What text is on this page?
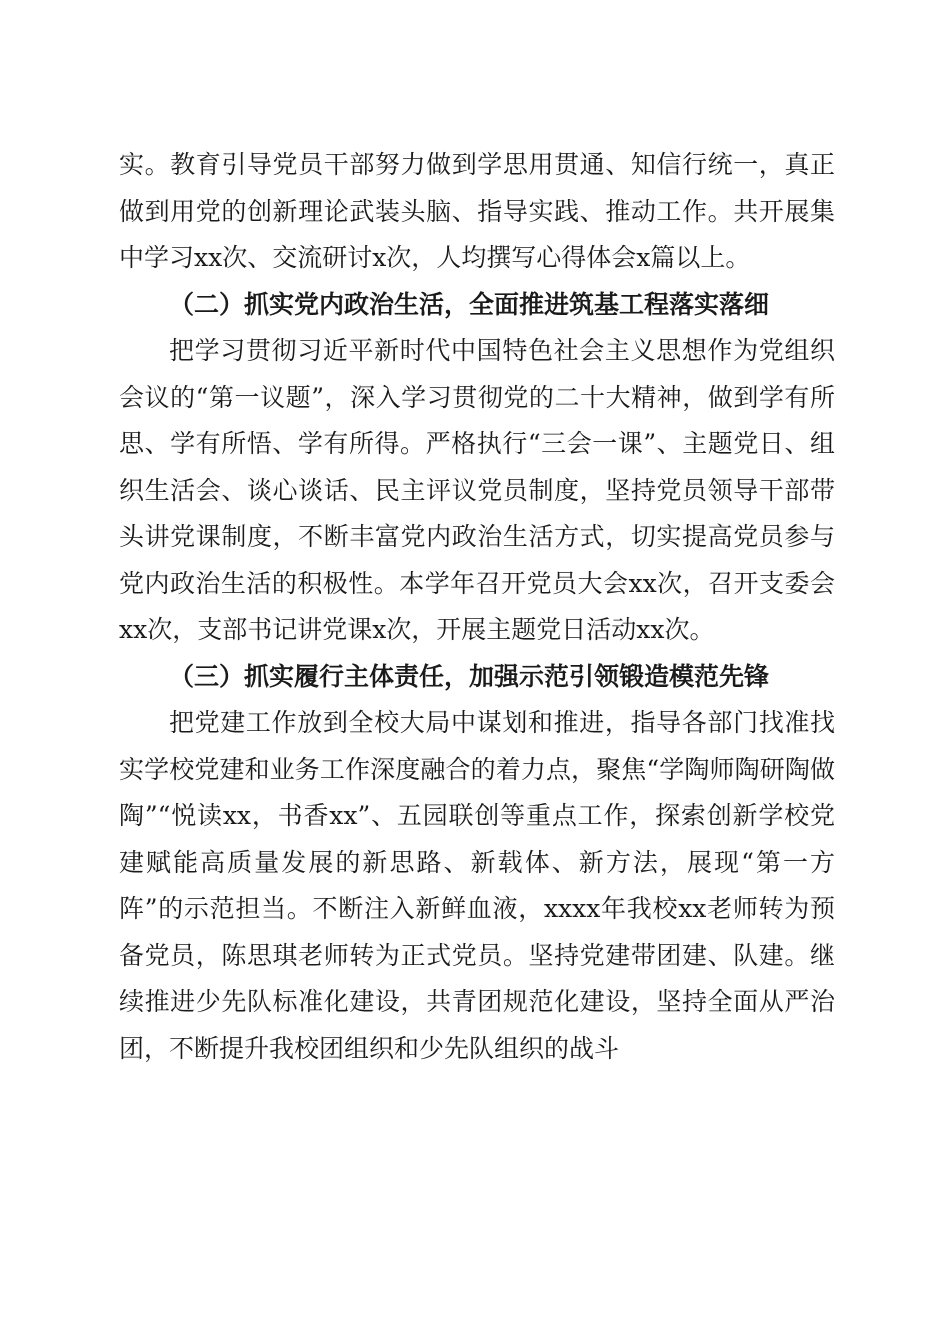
实。教育引导党员干部努力做到学思用贯通、知信行统一，真正做到用党的创新理论武装头脑、指导实践、推动工作。共开展集中学习xx次、交流研讨x次，人均撰写心得体会x篇以上。

（二）抓实党内政治生活，全面推进筑基工程落实落细

把学习贯彻习近平新时代中国特色社会主义思想作为党组织会议的“第一议题”，深入学习贯彻党的二十大精神，做到学有所思、学有所悟、学有所得。严格执行“三会一课”、主题党日、组织生活会、谈心谈话、民主评议党员制度，坚持党员领导干部带头讲党课制度，不断丰富党内政治生活方式，切实提高党员参与党内政治生活的积极性。本学年召开党员大会xx次，召开支委会xx次，支部书记讲党课x次，开展主题党日活动xx次。

（三）抓实履行主体责任，加强示范引领锻造模范先锋

把党建工作放到全校大局中谋划和推进，指导各部门找准找实学校党建和业务工作深度融合的着力点，聚焦“学陶师陶研陶做陶”“悦读xx，书香xx”、五园联创等重点工作，探索创新学校党建赋能高质量发展的新思路、新载体、新方法，展现“第一方阵”的示范担当。不断注入新鲜血液，xxxx年我校xx老师转为预备党员，陈思琪老师转为正式党员。坚持党建带团建、队建。继续推进少先队标准化建设，共青团规范化建设，坚持全面从严治团，不断提升我校团组织和少先队组织的战斗
